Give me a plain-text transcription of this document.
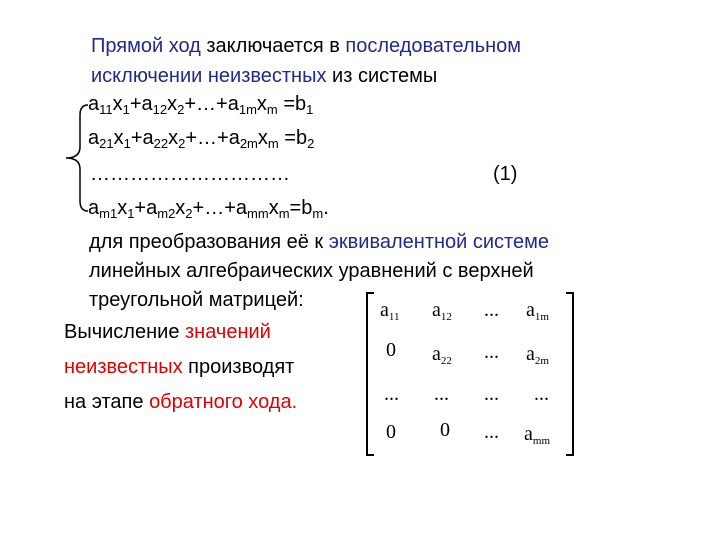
Прямой ход заключается в последовательном
исключении неизвестных из системы
$a_{11}x_1+a_{12}x_2+\dots+a_{1m}x_m =b_1$
$a_{21}x_1+a_{22}x_2+\dots+a_{2m}x_m =b_2$
…………………………	(1)
$a_{m1}x_1+a_{m2}x_2+\dots+a_{mm}x_m=b_m$.
для преобразования её к эквивалентной системе
линейных алгебраических уравнений с верхней
треугольной матрицей:
Вычисление значений
неизвестных производят
на этапе обратного хода.
$a_{11}$ $a_{12}$ ... $a_{1m}$
0 $a_{22}$ ... $a_{2m}$
... ... ... ...
0 0 ... $a_{mm}$
